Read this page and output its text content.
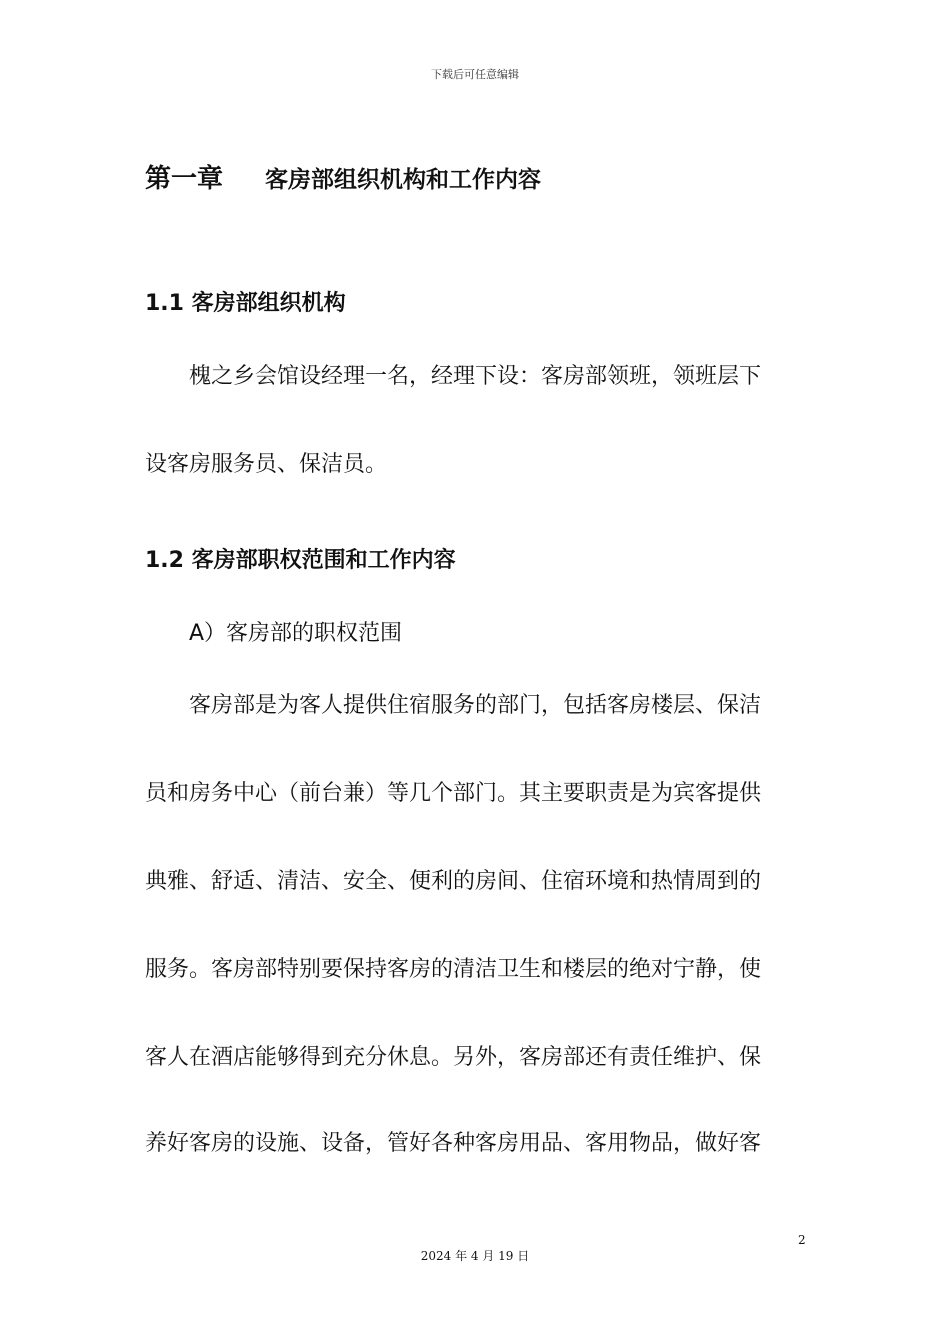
下载后可任意编辑
第一章 客房部组织机构和工作内容
1.1 客房部组织机构
槐之乡会馆设经理一名，经理下设：客房部领班，领班层下
设客房服务员、保洁员。
1.2 客房部职权范围和工作内容
A）客房部的职权范围
客房部是为客人提供住宿服务的部门，包括客房楼层、保洁
员和房务中心（前台兼）等几个部门。其主要职责是为宾客提供
典雅、舒适、清洁、安全、便利的房间、住宿环境和热情周到的
服务。客房部特别要保持客房的清洁卫生和楼层的绝对宁静，使
客人在酒店能够得到充分休息。另外，客房部还有责任维护、保
养好客房的设施、设备，管好各种客房用品、客用物品，做好客
2
2024 年 4 月 19 日
